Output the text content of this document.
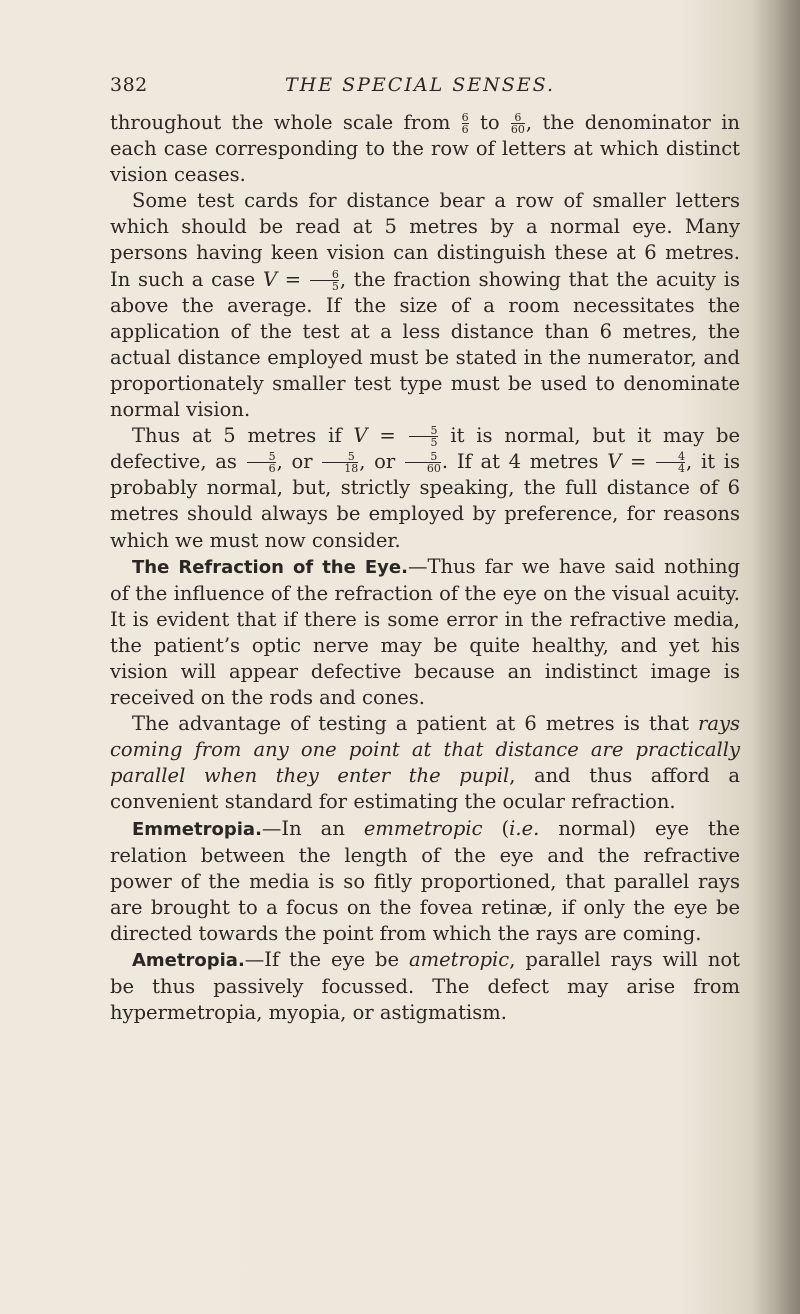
382	THE SPECIAL SENSES.

throughout the whole scale from $\frac{6}{6}$ to $\frac{6}{60}$ , the denominator in each case corresponding to the row of letters at which distinct vision ceases.

Some test cards for distance bear a row of smaller letters which should be read at 5 metres by a normal eye. Many persons having keen vision can distinguish these at 6 metres. In such a case $V = \frac{6}{5}$ , the fraction showing that the acuity is above the average. If the size of a room necessitates the application of the test at a less distance than 6 metres, the actual distance employed must be stated in the numerator, and proportionately smaller test type must be used to denominate normal vision.

Thus at 5 metres if $V = \frac{5}{5}$ it is normal, but it may be defective, as $\frac{5}{6}$ , or $\frac{5}{18}$ , or $\frac{5}{60}$ . If at 4 metres $V = \frac{4}{4}$ , it is probably normal, but, strictly speaking, the full distance of 6 metres should always be employed by preference, for reasons which we must now consider.

The Refraction of the Eye.—Thus far we have said nothing of the influence of the refraction of the eye on the visual acuity. It is evident that if there is some error in the refractive media, the patient’s optic nerve may be quite healthy, and yet his vision will appear defective because an indistinct image is received on the rods and cones.

The advantage of testing a patient at 6 metres is that rays coming from any one point at that distance are practically parallel when they enter the pupil, and thus afford a convenient standard for estimating the ocular refraction.

Emmetropia.—In an emmetropic (i.e. normal) eye the relation between the length of the eye and the refractive power of the media is so fitly proportioned, that parallel rays are brought to a focus on the fovea retinæ, if only the eye be directed towards the point from which the rays are coming.

Ametropia.—If the eye be ametropic, parallel rays will not be thus passively focussed. The defect may arise from hypermetropia, myopia, or astigmatism.
